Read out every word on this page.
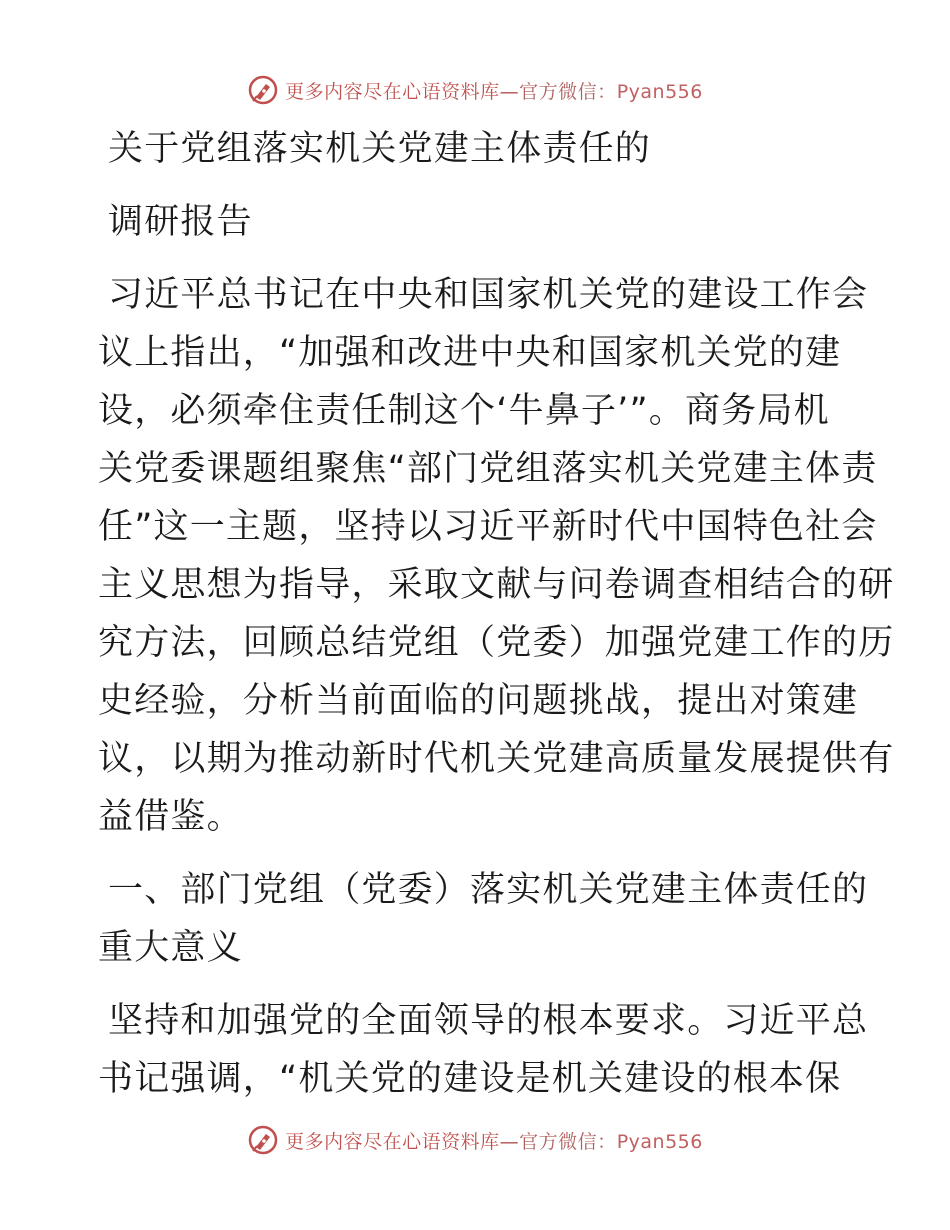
更多内容尽在心语资料库—官方微信：Pyan556
关于党组落实机关党建主体责任的
调研报告
习近平总书记在中央和国家机关党的建设工作会
议上指出，“加强和改进中央和国家机关党的建
设，必须牵住责任制这个‘牛鼻子’”。商务局机
关党委课题组聚焦“部门党组落实机关党建主体责
任”这一主题，坚持以习近平新时代中国特色社会
主义思想为指导，采取文献与问卷调查相结合的研
究方法，回顾总结党组（党委）加强党建工作的历
史经验，分析当前面临的问题挑战，提出对策建
议，以期为推动新时代机关党建高质量发展提供有
益借鉴。
一、部门党组（党委）落实机关党建主体责任的
重大意义
坚持和加强党的全面领导的根本要求。习近平总
书记强调，“机关党的建设是机关建设的根本保
更多内容尽在心语资料库—官方微信：Pyan556
